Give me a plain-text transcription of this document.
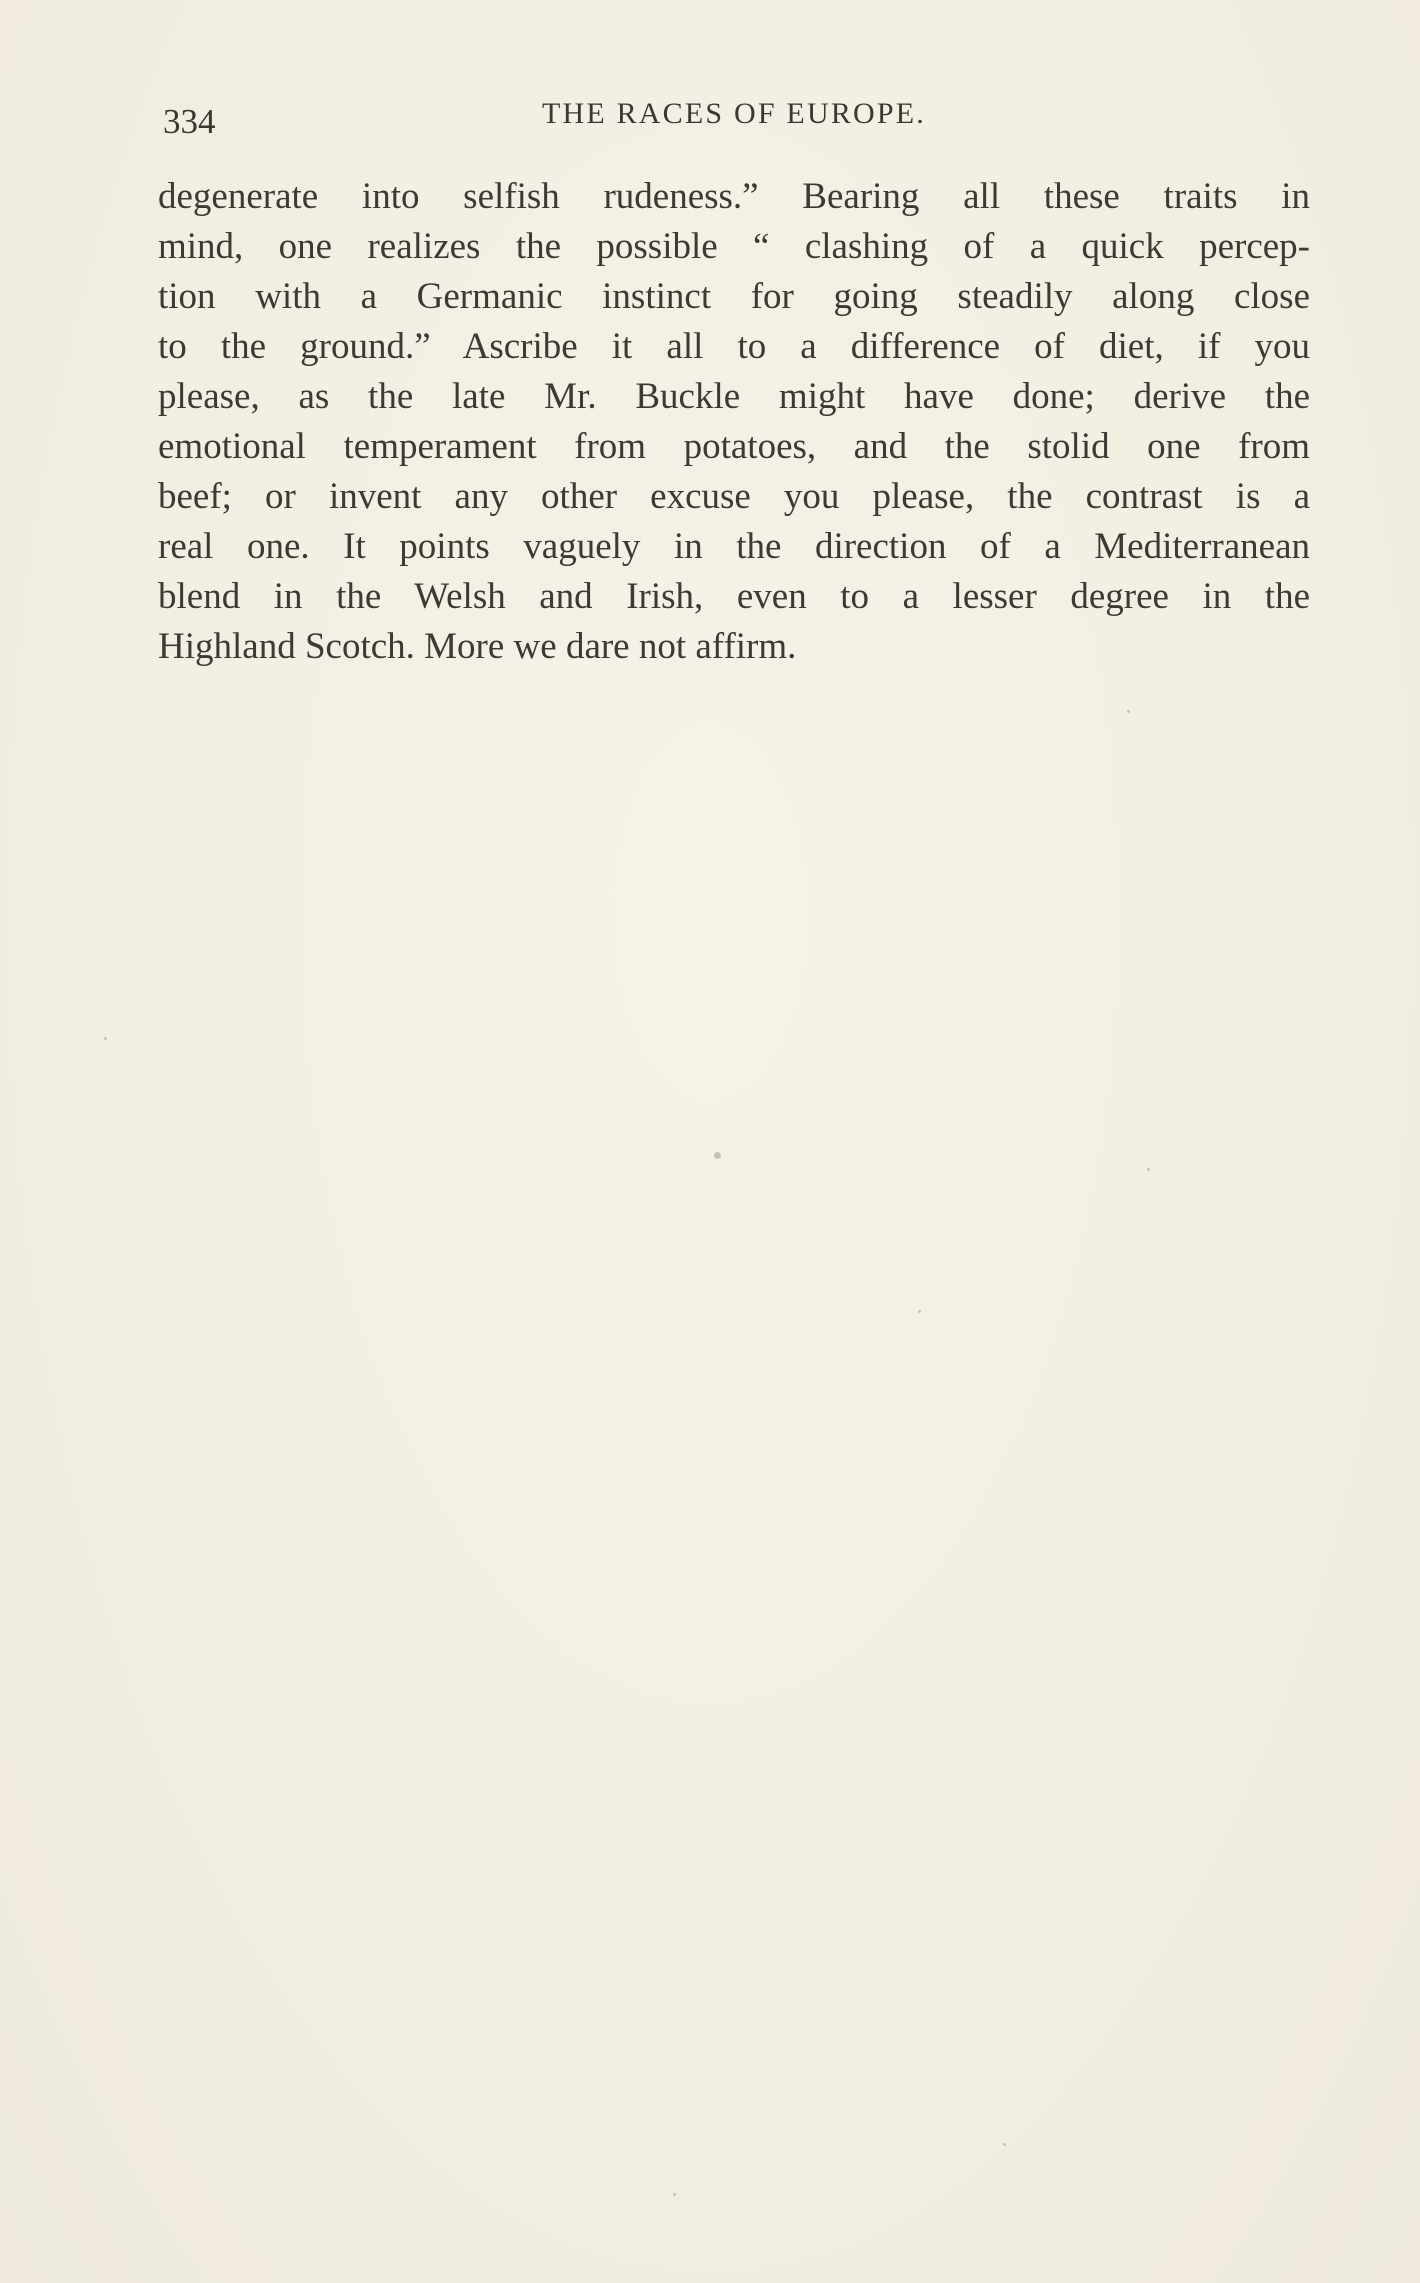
334	THE RACES OF EUROPE.

degenerate into selfish rudeness.” Bearing all these traits in
mind, one realizes the possible “ clashing of a quick percep-
tion with a Germanic instinct for going steadily along close
to the ground.” Ascribe it all to a difference of diet, if you
please, as the late Mr. Buckle might have done; derive the
emotional temperament from potatoes, and the stolid one from
beef; or invent any other excuse you please, the contrast is a
real one. It points vaguely in the direction of a Mediterranean
blend in the Welsh and Irish, even to a lesser degree in the
Highland Scotch. More we dare not affirm.
